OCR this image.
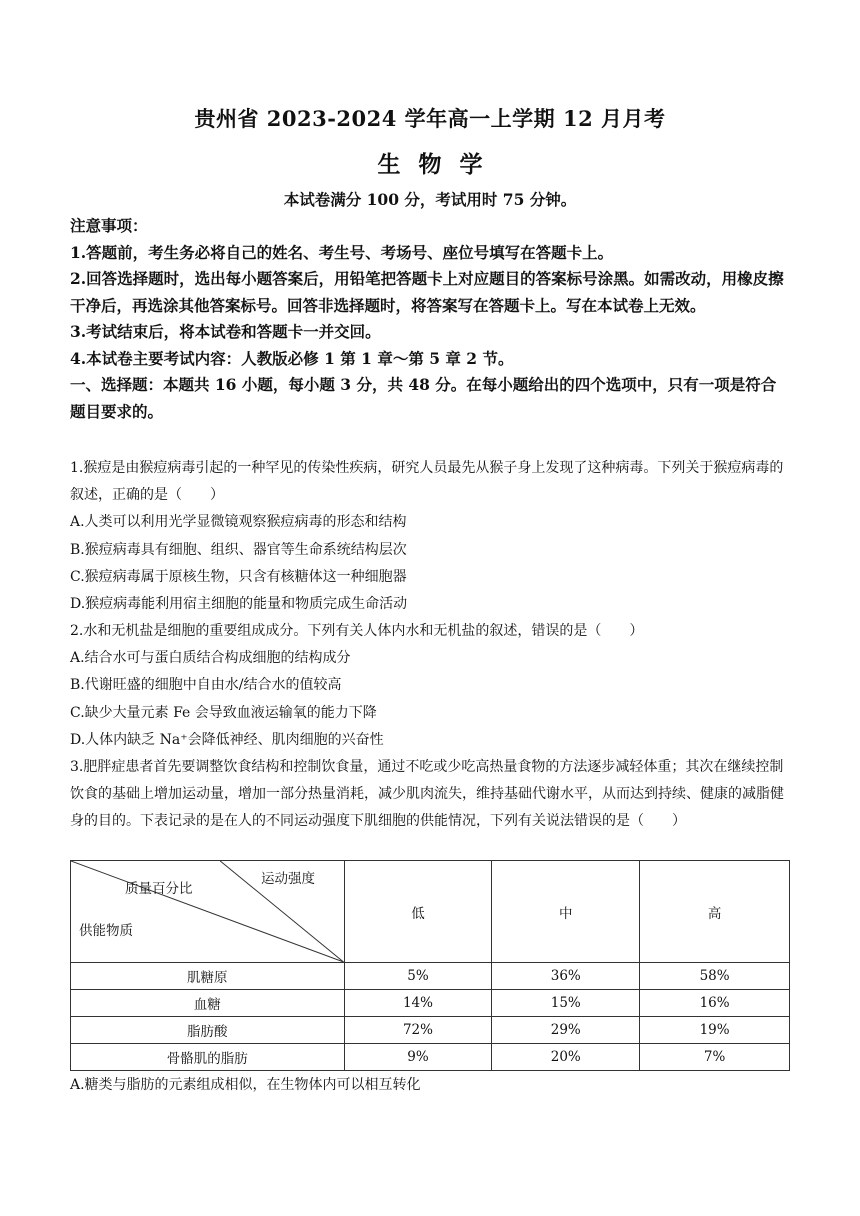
贵州省 2023-2024 学年高一上学期 12 月月考
生物学
本试卷满分 100 分，考试用时 75 分钟。

注意事项：

1.答题前，考生务必将自己的姓名、考生号、考场号、座位号填写在答题卡上。

2.回答选择题时，选出每小题答案后，用铅笔把答题卡上对应题目的答案标号涂黑。如需改动，用橡皮擦干净后，再选涂其他答案标号。回答非选择题时，将答案写在答题卡上。写在本试卷上无效。

3.考试结束后，将本试卷和答题卡一并交回。

4.本试卷主要考试内容：人教版必修 1 第 1 章～第 5 章 2 节。

一、选择题：本题共 16 小题，每小题 3 分，共 48 分。在每小题给出的四个选项中，只有一项是符合题目要求的。

1.猴痘是由猴痘病毒引起的一种罕见的传染性疾病，研究人员最先从猴子身上发现了这种病毒。下列关于猴痘病毒的叙述，正确的是（　　）

A.人类可以利用光学显微镜观察猴痘病毒的形态和结构

B.猴痘病毒具有细胞、组织、器官等生命系统结构层次

C.猴痘病毒属于原核生物，只含有核糖体这一种细胞器

D.猴痘病毒能利用宿主细胞的能量和物质完成生命活动

2.水和无机盐是细胞的重要组成成分。下列有关人体内水和无机盐的叙述，错误的是（　　）

A.结合水可与蛋白质结合构成细胞的结构成分

B.代谢旺盛的细胞中自由水/结合水的值较高

C.缺少大量元素 Fe 会导致血液运输氧的能力下降

D.人体内缺乏 Na⁺会降低神经、肌肉细胞的兴奋性

3.肥胖症患者首先要调整饮食结构和控制饮食量，通过不吃或少吃高热量食物的方法逐步减轻体重；其次在继续控制饮食的基础上增加运动量，增加一部分热量消耗，减少肌肉流失，维持基础代谢水平，从而达到持续、健康的减脂健身的目的。下表记录的是在人的不同运动强度下肌细胞的供能情况，下列有关说法错误的是（　　）

运动强度
质量百分比
供能物质	低	中	高
肌糖原	5%	36%	58%
血糖	14%	15%	16%
脂肪酸	72%	29%	19%
骨骼肌的脂肪	9%	20%	7%
A.糖类与脂肪的元素组成相似，在生物体内可以相互转化
